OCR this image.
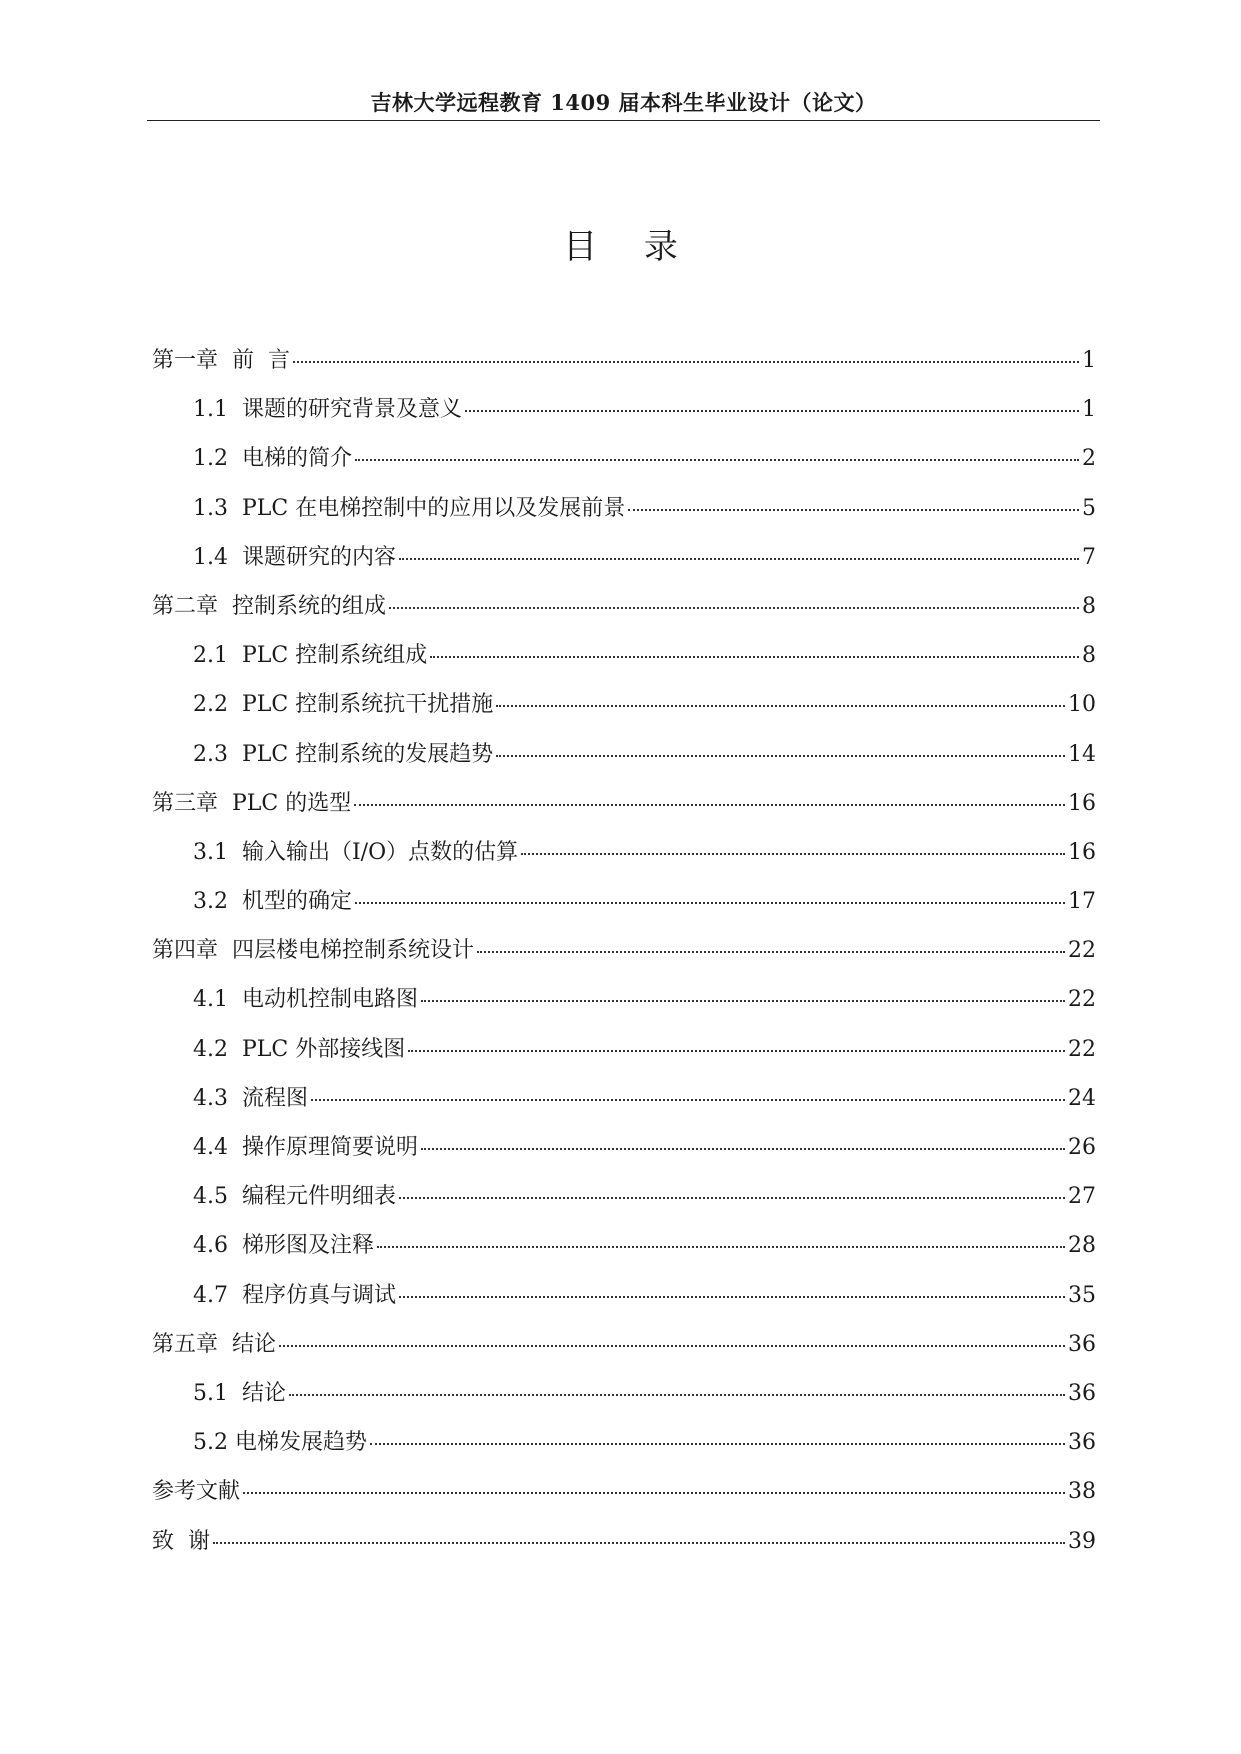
吉林大学远程教育 1409 届本科生毕业设计（论文）
目 录
第一章  前  言	1
1.1  课题的研究背景及意义	1
1.2  电梯的简介	2
1.3  PLC 在电梯控制中的应用以及发展前景	5
1.4  课题研究的内容	7
第二章  控制系统的组成	8
2.1  PLC 控制系统组成	8
2.2  PLC 控制系统抗干扰措施	10
2.3  PLC 控制系统的发展趋势	14
第三章  PLC 的选型	16
3.1  输入输出（I/O）点数的估算	16
3.2  机型的确定	17
第四章  四层楼电梯控制系统设计	22
4.1  电动机控制电路图	22
4.2  PLC 外部接线图	22
4.3  流程图	24
4.4  操作原理简要说明	26
4.5  编程元件明细表	27
4.6  梯形图及注释	28
4.7  程序仿真与调试	35
第五章  结论	36
5.1  结论	36
5.2 电梯发展趋势	36
参考文献	38
致  谢	39
